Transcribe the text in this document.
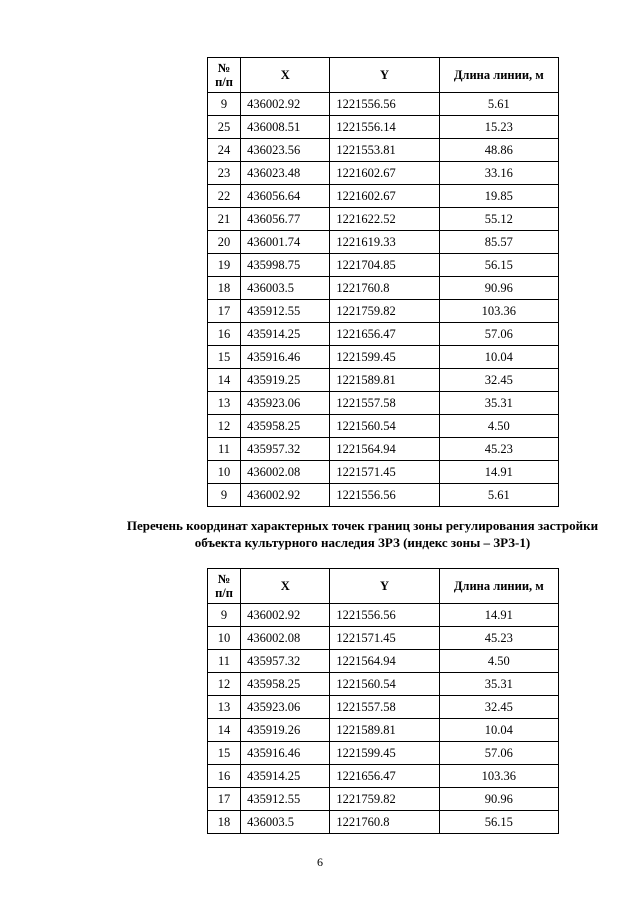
№
п/п	X	Y	Длина линии, м
9	436002.92	1221556.56	5.61
25	436008.51	1221556.14	15.23
24	436023.56	1221553.81	48.86
23	436023.48	1221602.67	33.16
22	436056.64	1221602.67	19.85
21	436056.77	1221622.52	55.12
20	436001.74	1221619.33	85.57
19	435998.75	1221704.85	56.15
18	436003.5	1221760.8	90.96
17	435912.55	1221759.82	103.36
16	435914.25	1221656.47	57.06
15	435916.46	1221599.45	10.04
14	435919.25	1221589.81	32.45
13	435923.06	1221557.58	35.31
12	435958.25	1221560.54	4.50
11	435957.32	1221564.94	45.23
10	436002.08	1221571.45	14.91
9	436002.92	1221556.56	5.61
Перечень координат характерных точек границ зоны регулирования застройки
объекта культурного наследия ЗРЗ (индекс зоны – ЗРЗ-1)
№
п/п	X	Y	Длина линии, м
9	436002.92	1221556.56	14.91
10	436002.08	1221571.45	45.23
11	435957.32	1221564.94	4.50
12	435958.25	1221560.54	35.31
13	435923.06	1221557.58	32.45
14	435919.26	1221589.81	10.04
15	435916.46	1221599.45	57.06
16	435914.25	1221656.47	103.36
17	435912.55	1221759.82	90.96
18	436003.5	1221760.8	56.15
6
